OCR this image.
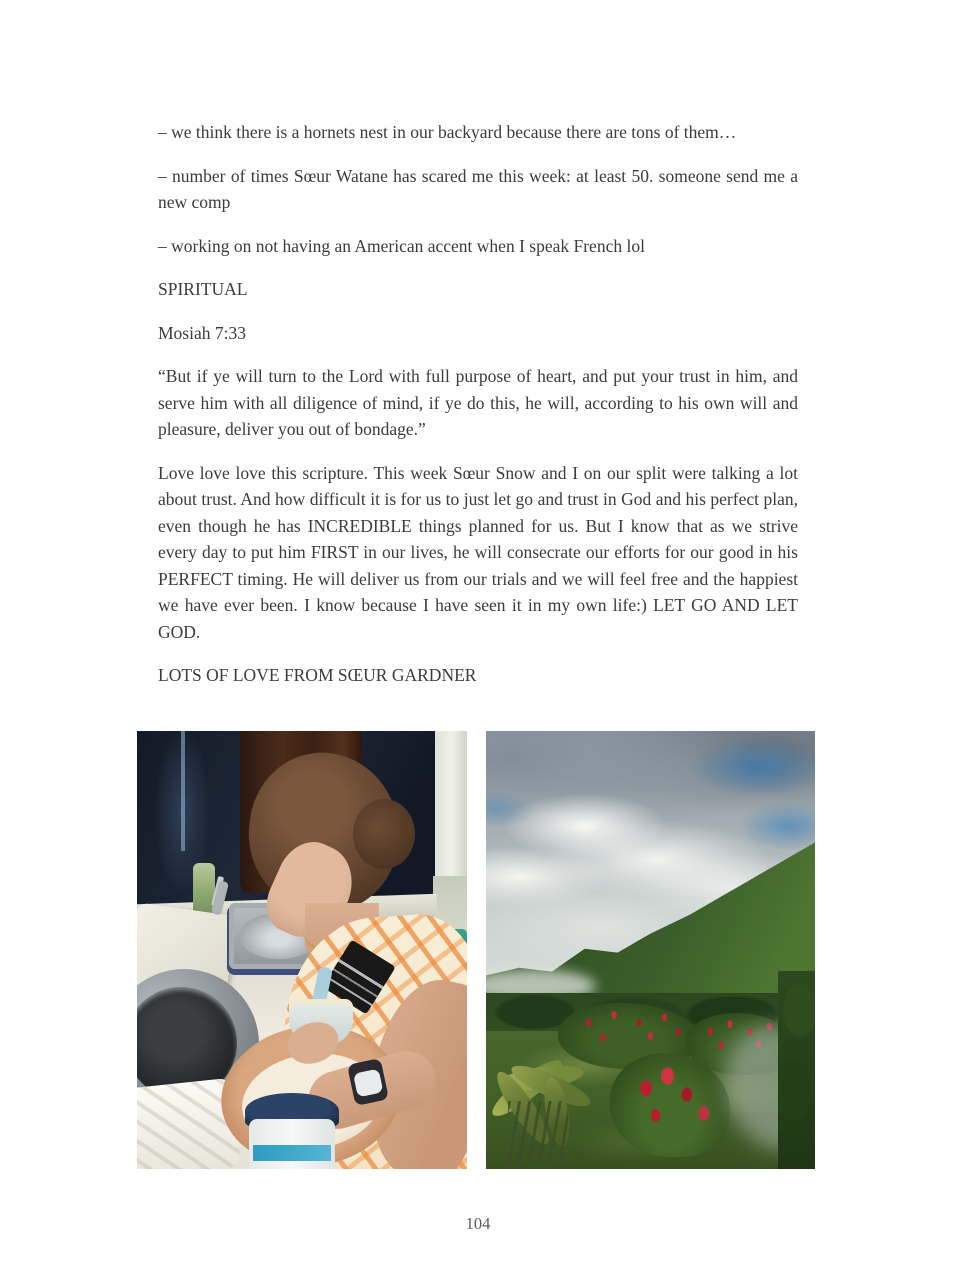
– we think there is a hornets nest in our backyard because there are tons of them…

– number of times Sœur Watane has scared me this week: at least 50. someone send me a new comp

– working on not having an American accent when I speak French lol

SPIRITUAL

Mosiah 7:33

“But if ye will turn to the Lord with full purpose of heart, and put your trust in him, and serve him with all diligence of mind, if ye do this, he will, according to his own will and pleasure, deliver you out of bondage.”

Love love love this scripture. This week Sœur Snow and I on our split were talking a lot about trust. And how difficult it is for us to just let go and trust in God and his perfect plan, even though he has INCREDIBLE things planned for us. But I know that as we strive every day to put him FIRST in our lives, he will consecrate our efforts for our good in his PERFECT timing. He will deliver us from our trials and we will feel free and the happiest we have ever been. I know because I have seen it in my own life:) LET GO AND LET GOD.

LOTS OF LOVE FROM SŒUR GARDNER

104
